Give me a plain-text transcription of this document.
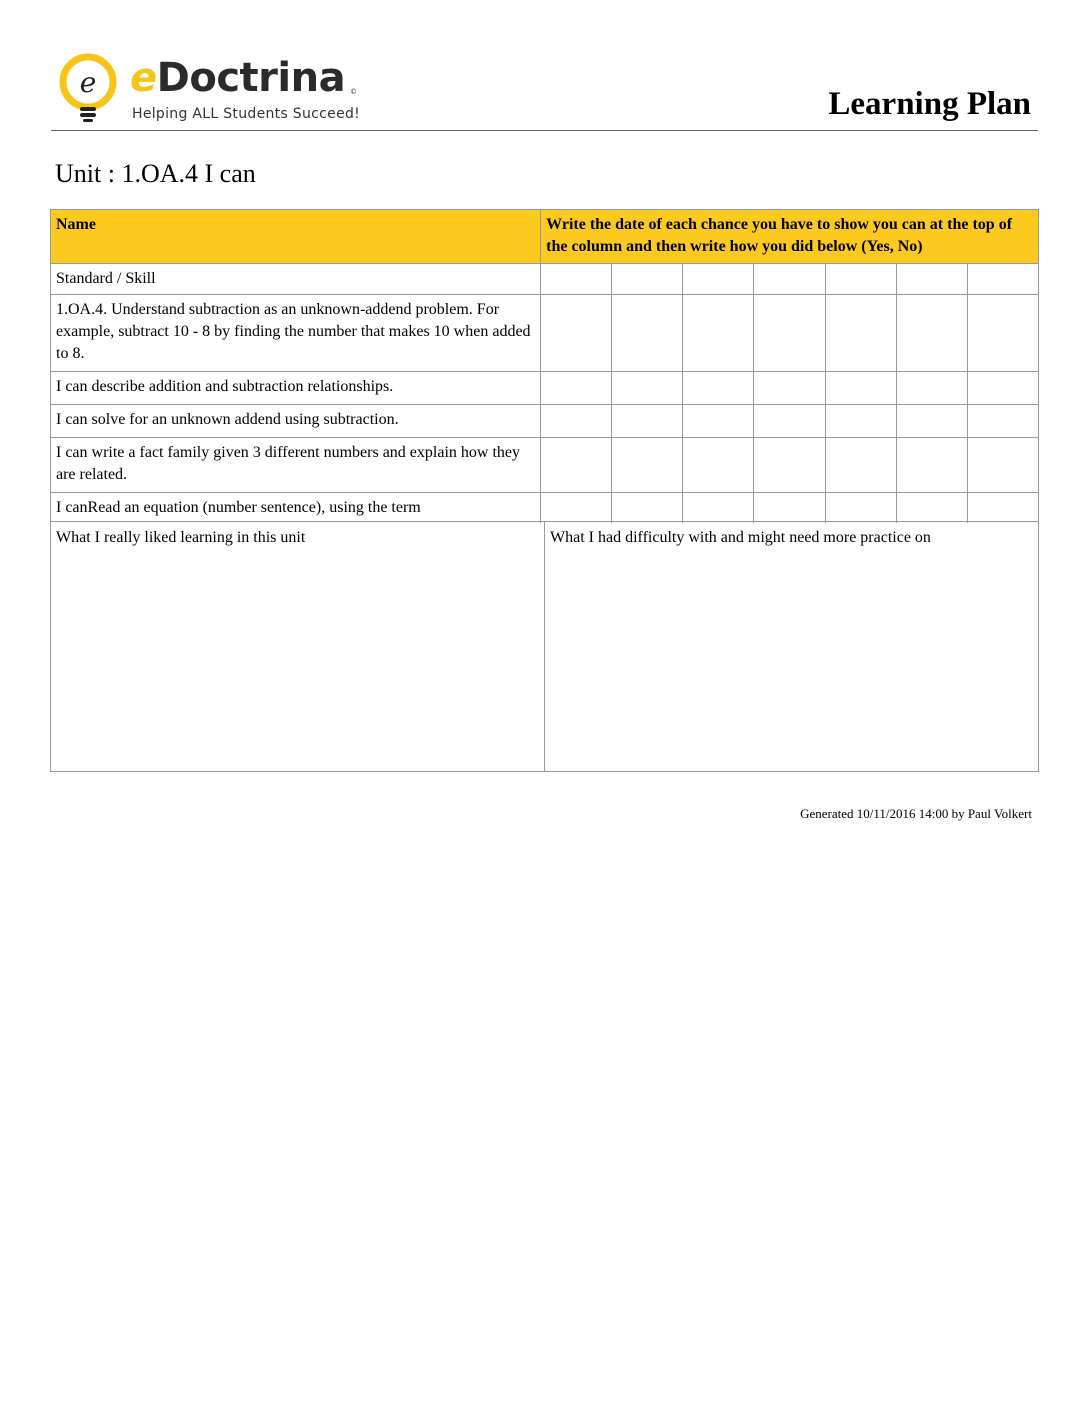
e eDoctrina ©
Helping ALL Students Succeed!	Learning Plan
Unit : 1.OA.4 I can
Name	Write the date of each chance you have to show you can at the top of the column and then write how you did below (Yes, No)						
Standard / Skill							
1.OA.4. Understand subtraction as an unknown-addend problem. For example, subtract 10 - 8 by finding the number that makes 10 when added to 8.							
I can describe addition and subtraction relationships.							
I can solve for an unknown addend using subtraction.							
I can write a fact family given 3 different numbers and explain how they are related.							
I canRead an equation (number sentence), using the term							
What I really liked learning in this unit	What I had difficulty with and might need more practice on
Generated 10/11/2016 14:00 by Paul Volkert
